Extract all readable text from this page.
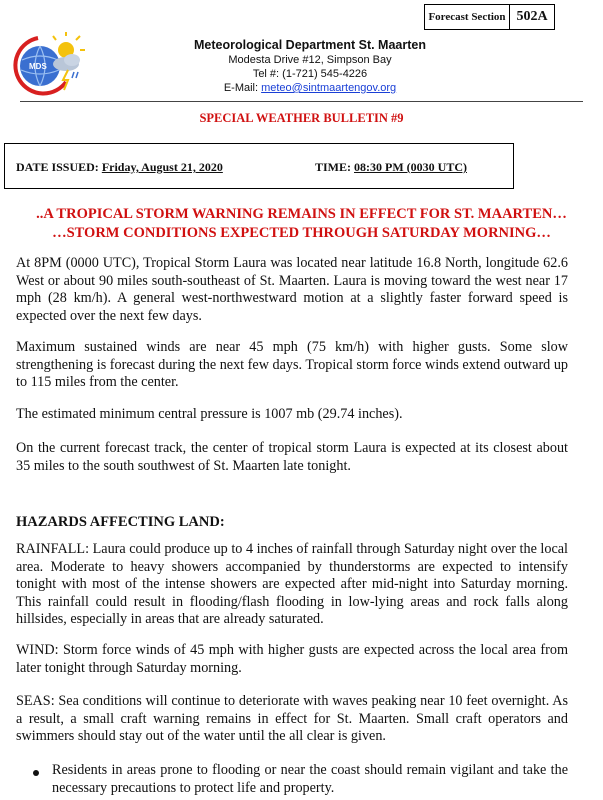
Forecast Section 502A
MDS
Meteorological Department St. Maarten
Modesta Drive #12, Simpson Bay
Tel #: (1-721) 545-4226
E-Mail: meteo@sintmaartengov.org
SPECIAL WEATHER BULLETIN #9
DATE ISSUED: Friday, August 21, 2020	TIME: 08:30 PM (0030 UTC)
..A TROPICAL STORM WARNING REMAINS IN EFFECT FOR ST. MAARTEN…
…STORM CONDITIONS EXPECTED THROUGH SATURDAY MORNING…
At 8PM (0000 UTC), Tropical Storm Laura was located near latitude 16.8 North, longitude 62.6 West or about 90 miles south-southeast of St. Maarten. Laura is moving toward the west near 17 mph (28 km/h). A general west-northwestward motion at a slightly faster forward speed is expected over the next few days.
Maximum sustained winds are near 45 mph (75 km/h) with higher gusts. Some slow strengthening is forecast during the next few days. Tropical storm force winds extend outward up to 115 miles from the center.
The estimated minimum central pressure is 1007 mb (29.74 inches).
On the current forecast track, the center of tropical storm Laura is expected at its closest about 35 miles to the south southwest of St. Maarten late tonight.
HAZARDS AFFECTING LAND:
RAINFALL: Laura could produce up to 4 inches of rainfall through Saturday night over the local area. Moderate to heavy showers accompanied by thunderstorms are expected to intensify tonight with most of the intense showers are expected after mid-night into Saturday morning. This rainfall could result in flooding/flash flooding in low-lying areas and rock falls along hillsides, especially in areas that are already saturated.
WIND: Storm force winds of 45 mph with higher gusts are expected across the local area from later tonight through Saturday morning.
SEAS: Sea conditions will continue to deteriorate with waves peaking near 10 feet overnight. As a result, a small craft warning remains in effect for St. Maarten. Small craft operators and swimmers should stay out of the water until the all clear is given.
Residents in areas prone to flooding or near the coast should remain vigilant and take the necessary precautions to protect life and property.
